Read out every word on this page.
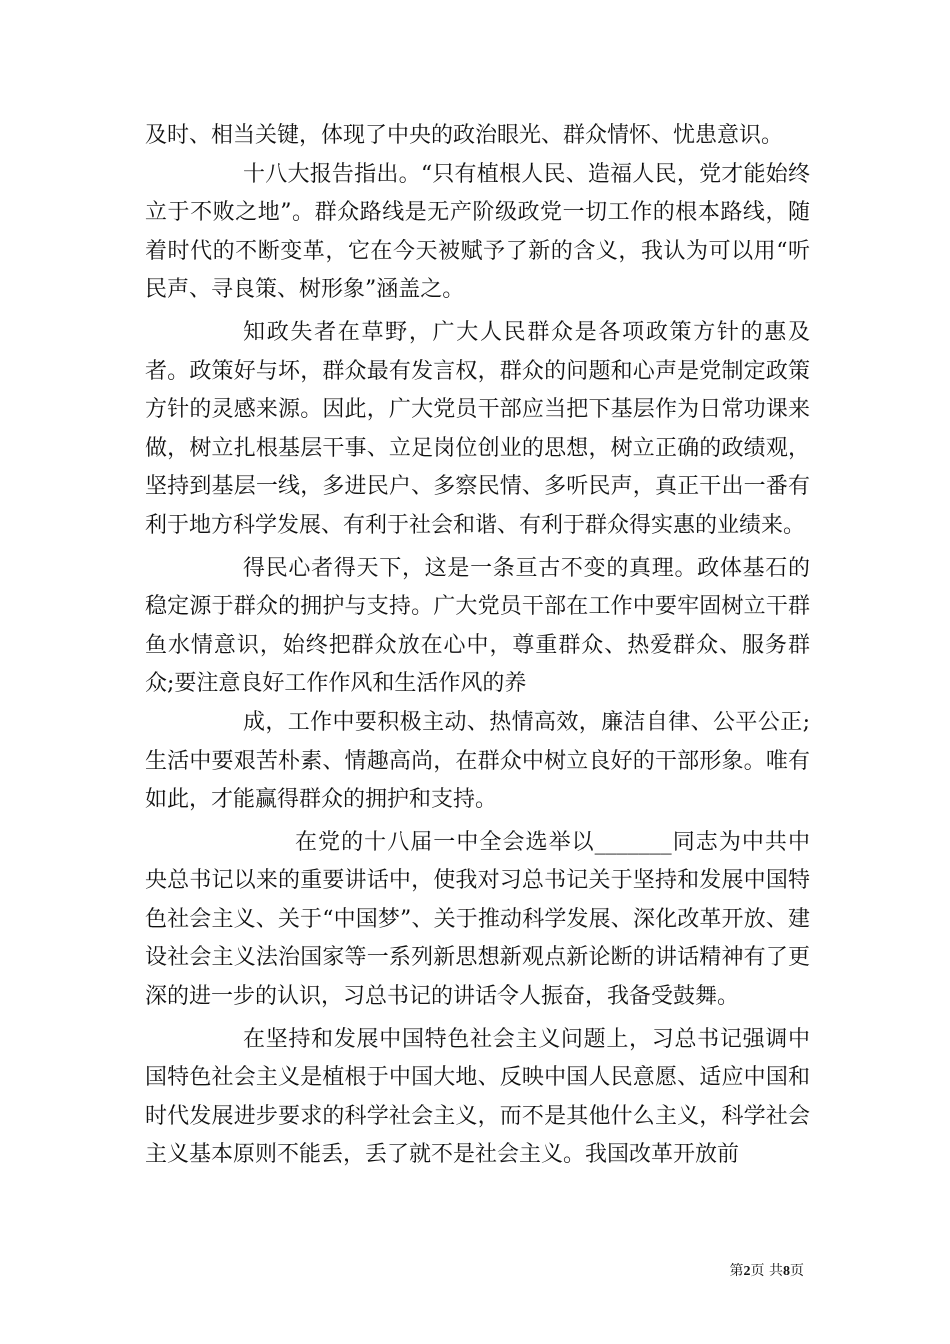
及时、相当关键，体现了中央的政治眼光、群众情怀、忧患意识。

十八大报告指出。“只有植根人民、造福人民，党才能始终立于不败之地”。群众路线是无产阶级政党一切工作的根本路线，随着时代的不断变革，它在今天被赋予了新的含义，我认为可以用“听民声、寻良策、树形象”涵盖之。

知政失者在草野，广大人民群众是各项政策方针的惠及者。政策好与坏，群众最有发言权，群众的问题和心声是党制定政策方针的灵感来源。因此，广大党员干部应当把下基层作为日常功课来做，树立扎根基层干事、立足岗位创业的思想，树立正确的政绩观，坚持到基层一线，多进民户、多察民情、多听民声，真正干出一番有利于地方科学发展、有利于社会和谐、有利于群众得实惠的业绩来。

得民心者得天下，这是一条亘古不变的真理。政体基石的稳定源于群众的拥护与支持。广大党员干部在工作中要牢固树立干群鱼水情意识，始终把群众放在心中，尊重群众、热爱群众、服务群众;要注意良好工作作风和生活作风的养

成，工作中要积极主动、热情高效，廉洁自律、公平公正;生活中要艰苦朴素、情趣高尚，在群众中树立良好的干部形象。唯有如此，才能赢得群众的拥护和支持。

在党的十八届一中全会选举以_______同志为中共中央总书记以来的重要讲话中，使我对习总书记关于坚持和发展中国特色社会主义、关于“中国梦”、关于推动科学发展、深化改革开放、建设社会主义法治国家等一系列新思想新观点新论断的讲话精神有了更深的进一步的认识，习总书记的讲话令人振奋，我备受鼓舞。

在坚持和发展中国特色社会主义问题上，习总书记强调中国特色社会主义是植根于中国大地、反映中国人民意愿、适应中国和时代发展进步要求的科学社会主义，而不是其他什么主义，科学社会主义基本原则不能丢，丢了就不是社会主义。我国改革开放前

第2页 共8页
